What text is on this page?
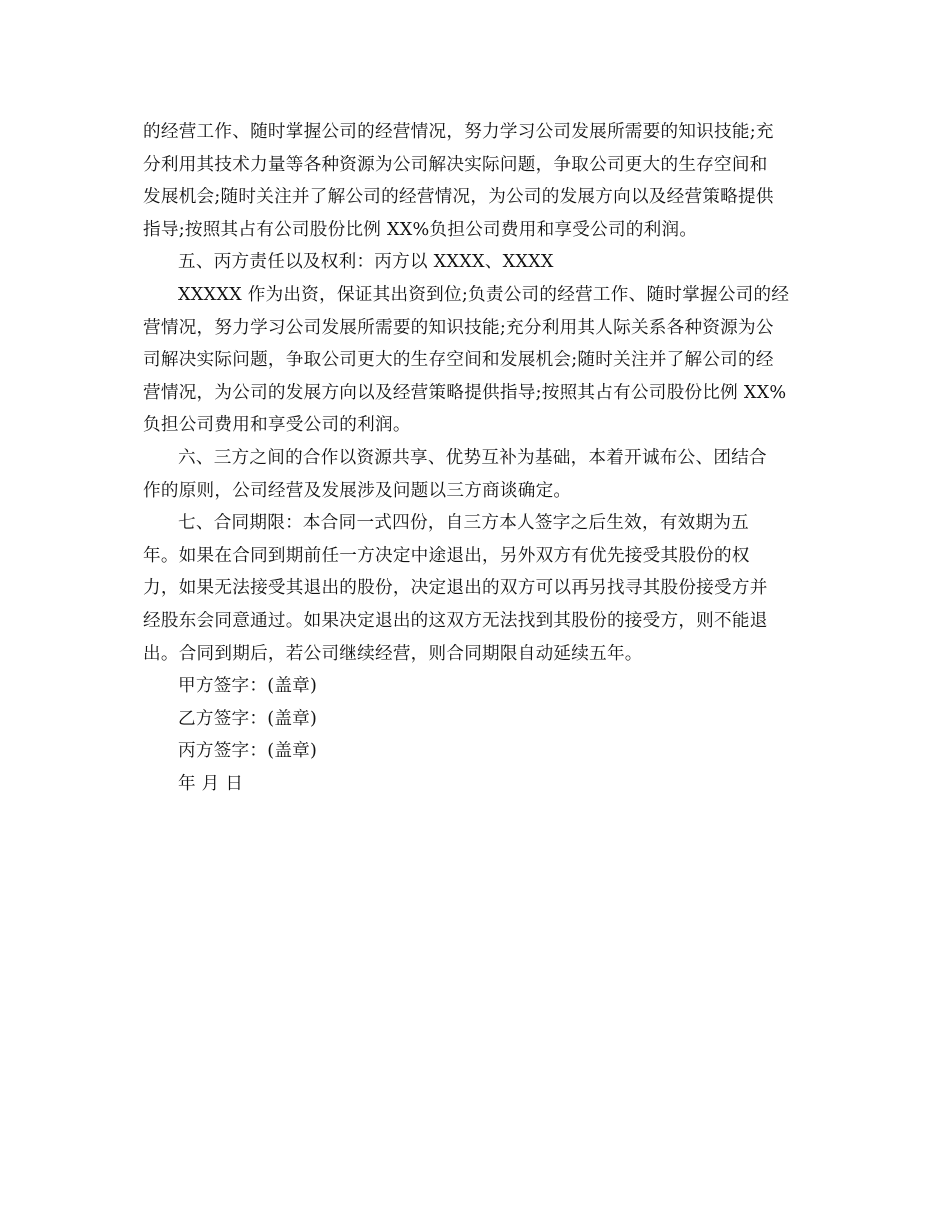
的经营工作、随时掌握公司的经营情况，努力学习公司发展所需要的知识技能;充
分利用其技术力量等各种资源为公司解决实际问题，争取公司更大的生存空间和
发展机会;随时关注并了解公司的经营情况，为公司的发展方向以及经营策略提供
指导;按照其占有公司股份比例 XX%负担公司费用和享受公司的利润。
五、丙方责任以及权利：丙方以 XXXX、XXXX
XXXXX 作为出资，保证其出资到位;负责公司的经营工作、随时掌握公司的经
营情况，努力学习公司发展所需要的知识技能;充分利用其人际关系各种资源为公
司解决实际问题，争取公司更大的生存空间和发展机会;随时关注并了解公司的经
营情况，为公司的发展方向以及经营策略提供指导;按照其占有公司股份比例 XX%
负担公司费用和享受公司的利润。
六、三方之间的合作以资源共享、优势互补为基础，本着开诚布公、团结合
作的原则，公司经营及发展涉及问题以三方商谈确定。
七、合同期限：本合同一式四份，自三方本人签字之后生效，有效期为五
年。如果在合同到期前任一方决定中途退出，另外双方有优先接受其股份的权
力，如果无法接受其退出的股份，决定退出的双方可以再另找寻其股份接受方并
经股东会同意通过。如果决定退出的这双方无法找到其股份的接受方，则不能退
出。合同到期后，若公司继续经营，则合同期限自动延续五年。
甲方签字：(盖章)
乙方签字：(盖章)
丙方签字：(盖章)
年 月 日
